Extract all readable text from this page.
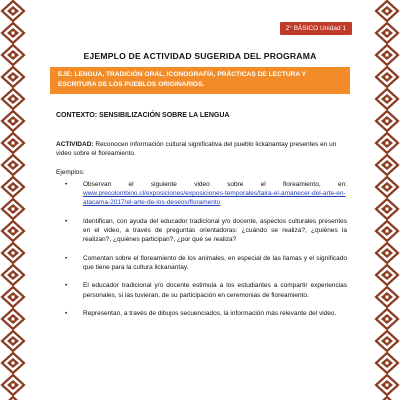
2° BÁSICO Unidad 1
EJEMPLO DE ACTIVIDAD SUGERIDA DEL PROGRAMA
EJE: LENGUA, TRADICIÓN ORAL, ICONOGRAFÍA, PRÁCTICAS DE LECTURA Y ESCRITURA DE LOS PUEBLOS ORIGINARIOS.
CONTEXTO: SENSIBILIZACIÓN SOBRE LA LENGUA

ACTIVIDAD: Reconocen información cultural significativa del pueblo lickanantay presentes en un video sobre el floreamiento.

Ejemplos:

• Observan el siguiente video sobre el floreamiento, en: www.precolombino.cl/exposiciones/exposiciones-temporales/taira-el-amanecer-del-arte-en-atacama-2017/el-arte-de-los-deseos/floramento
• Identifican, con ayuda del educador tradicional y/o docente, aspectos culturales presentes en el video, a través de preguntas orientadoras: ¿cuándo se realiza?, ¿quiénes la realizan?, ¿quiénes participan?, ¿por qué se realiza?
• Comentan sobre el floreamiento de los animales, en especial de las llamas y el significado que tiene para la cultura lickanantay.
• El educador tradicional y/o docente estimula a los estudiantes a compartir experiencias personales, si las tuvieran, de su participación en ceremonias de floreamiento.
• Representan, a través de dibujos secuenciados, la información más relevante del video.
